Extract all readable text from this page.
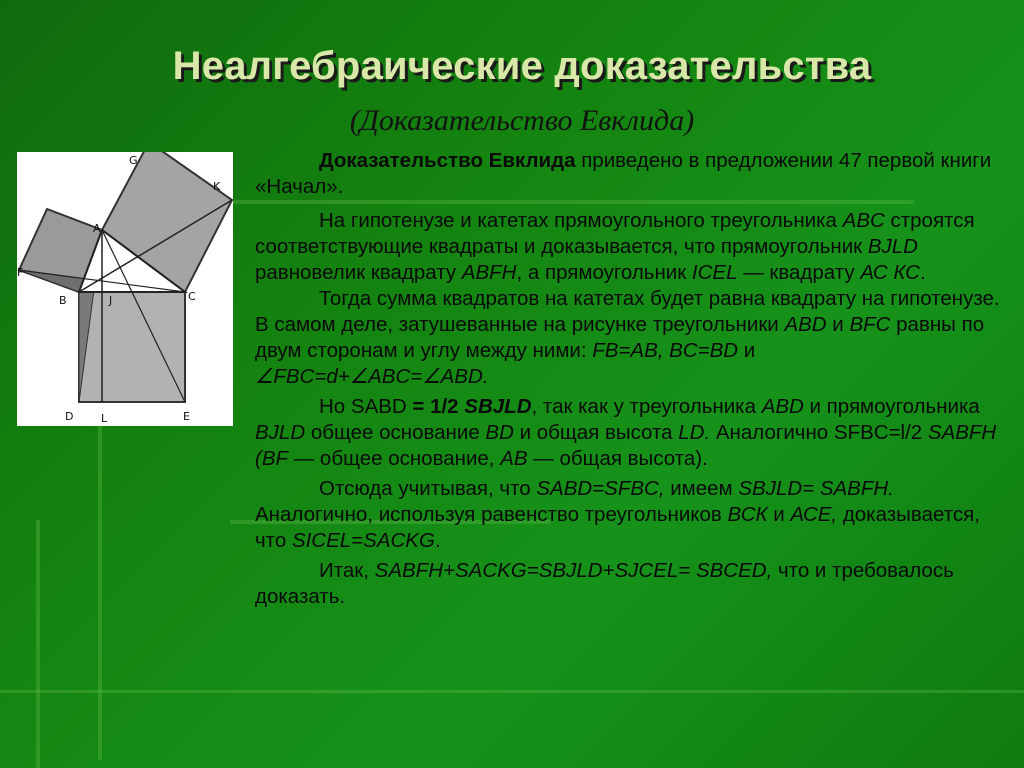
Неалгебраические доказательства
(Доказательство Евклида)
G
K
A
F
B	J	C
D	L	E

Доказательство Евклида приведено в предложении 47 первой книги «Начал».

На гипотенузе и катетах прямоугольного треугольника ABC строятся соответствующие квадраты и доказывается, что прямоугольник BJLD равновелик квадрату ABFH, а прямоугольник ICEL — квадрату АС КС.

Тогда сумма квадратов на катетах будет равна квадрату на гипотенузе. В самом деле, затушеванные на рисунке треугольники ABD и BFC равны по двум сторонам и углу между ними: FB=AB, BC=BD и

∠FBC=d+∠ABC=∠ABD.

Но SABD = 1/2 SBJLD, так как у треугольника ABD и прямоугольника BJLD общее основание BD и общая высота LD. Аналогично SFBC=l/2 SABFH (BF — общее основание, АВ — общая высота).

Отсюда учитывая, что SABD=SFBC, имеем SBJLD= SABFH. Аналогично, используя равенство треугольников ВСК и АСЕ, доказывается, что SICEL=SACKG.

Итак, SABFH+SACKG=SBJLD+SJCEL= SBCED, что и требовалось доказать.
